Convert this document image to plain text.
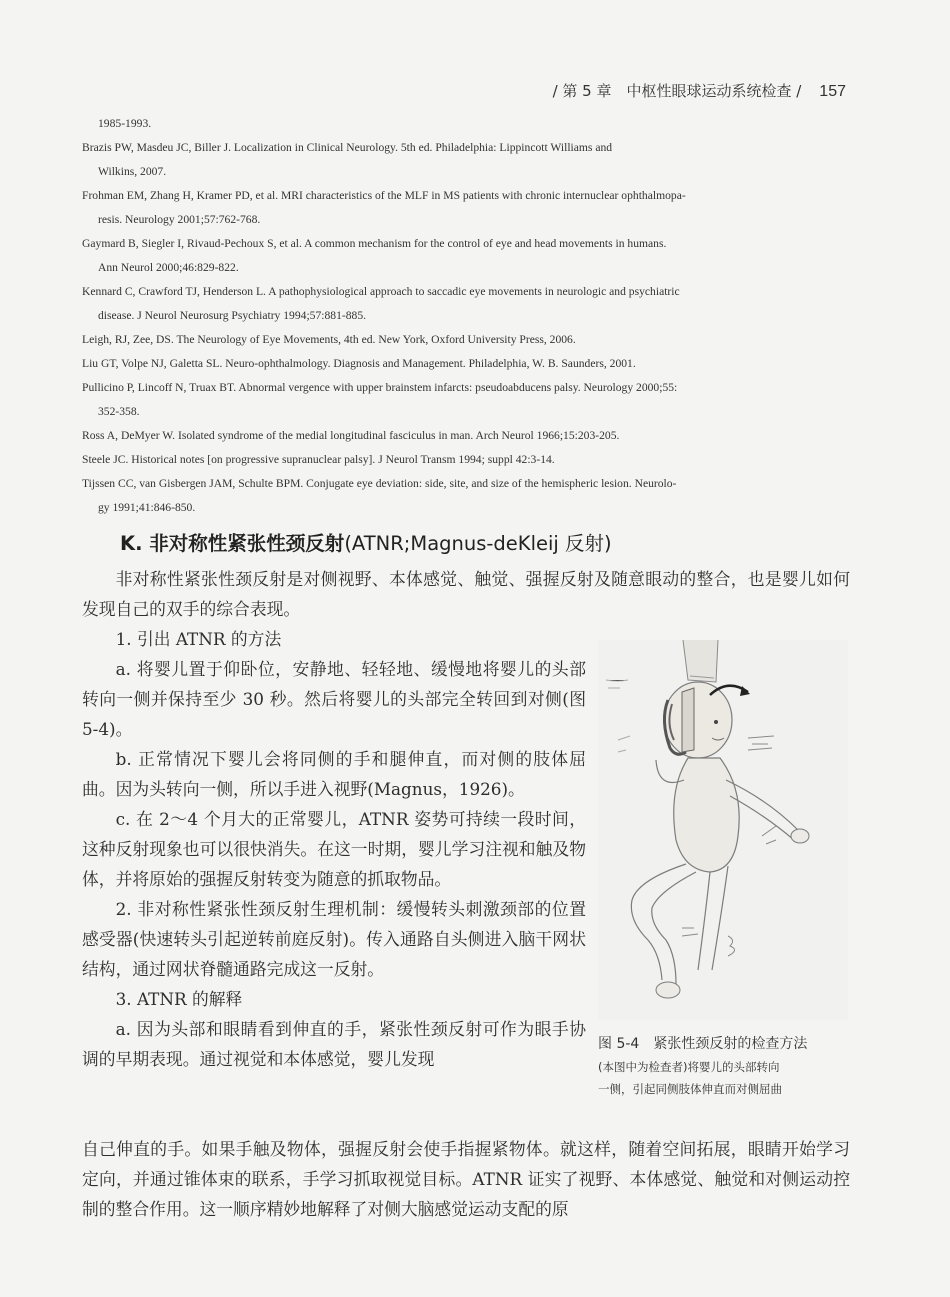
/ 第 5 章　中枢性眼球运动系统检查 / 157
1985-1993.
Brazis PW, Masdeu JC, Biller J. Localization in Clinical Neurology. 5th ed. Philadelphia: Lippincott Williams and
Wilkins, 2007.
Frohman EM, Zhang H, Kramer PD, et al. MRI characteristics of the MLF in MS patients with chronic internuclear ophthalmopa-
resis. Neurology 2001;57:762-768.
Gaymard B, Siegler I, Rivaud-Pechoux S, et al. A common mechanism for the control of eye and head movements in humans.
Ann Neurol 2000;46:829-822.
Kennard C, Crawford TJ, Henderson L. A pathophysiological approach to saccadic eye movements in neurologic and psychiatric
disease. J Neurol Neurosurg Psychiatry 1994;57:881-885.
Leigh, RJ, Zee, DS. The Neurology of Eye Movements, 4th ed. New York, Oxford University Press, 2006.
Liu GT, Volpe NJ, Galetta SL. Neuro-ophthalmology. Diagnosis and Management. Philadelphia, W. B. Saunders, 2001.
Pullicino P, Lincoff N, Truax BT. Abnormal vergence with upper brainstem infarcts: pseudoabducens palsy. Neurology 2000;55:
352-358.
Ross A, DeMyer W. Isolated syndrome of the medial longitudinal fasciculus in man. Arch Neurol 1966;15:203-205.
Steele JC. Historical notes [on progressive supranuclear palsy]. J Neurol Transm 1994; suppl 42:3-14.
Tijssen CC, van Gisbergen JAM, Schulte BPM. Conjugate eye deviation: side, site, and size of the hemispheric lesion. Neurolo-
gy 1991;41:846-850.
K. 非对称性紧张性颈反射(ATNR;Magnus-deKleij 反射)

非对称性紧张性颈反射是对侧视野、本体感觉、触觉、强握反射及随意眼动的整合，也是婴儿如何发现自己的双手的综合表现。

1. 引出 ATNR 的方法

a. 将婴儿置于仰卧位，安静地、轻轻地、缓慢地将婴儿的头部转向一侧并保持至少 30 秒。然后将婴儿的头部完全转回到对侧(图 5-4)。

b. 正常情况下婴儿会将同侧的手和腿伸直，而对侧的肢体屈曲。因为头转向一侧，所以手进入视野(Magnus，1926)。

c. 在 2～4 个月大的正常婴儿，ATNR 姿势可持续一段时间，这种反射现象也可以很快消失。在这一时期，婴儿学习注视和触及物体，并将原始的强握反射转变为随意的抓取物品。

2. 非对称性紧张性颈反射生理机制：缓慢转头刺激颈部的位置感受器(快速转头引起逆转前庭反射)。传入通路自头侧进入脑干网状结构，通过网状脊髓通路完成这一反射。

3. ATNR 的解释

a. 因为头部和眼睛看到伸直的手，紧张性颈反射可作为眼手协调的早期表现。通过视觉和本体感觉，婴儿发现

自己伸直的手。如果手触及物体，强握反射会使手指握紧物体。就这样，随着空间拓展，眼睛开始学习定向，并通过锥体束的联系，手学习抓取视觉目标。ATNR 证实了视野、本体感觉、触觉和对侧运动控制的整合作用。这一顺序精妙地解释了对侧大脑感觉运动支配的原

图 5-4　紧张性颈反射的检查方法
(本图中为检查者)将婴儿的头部转向
一侧，引起同侧肢体伸直而对侧屈曲
